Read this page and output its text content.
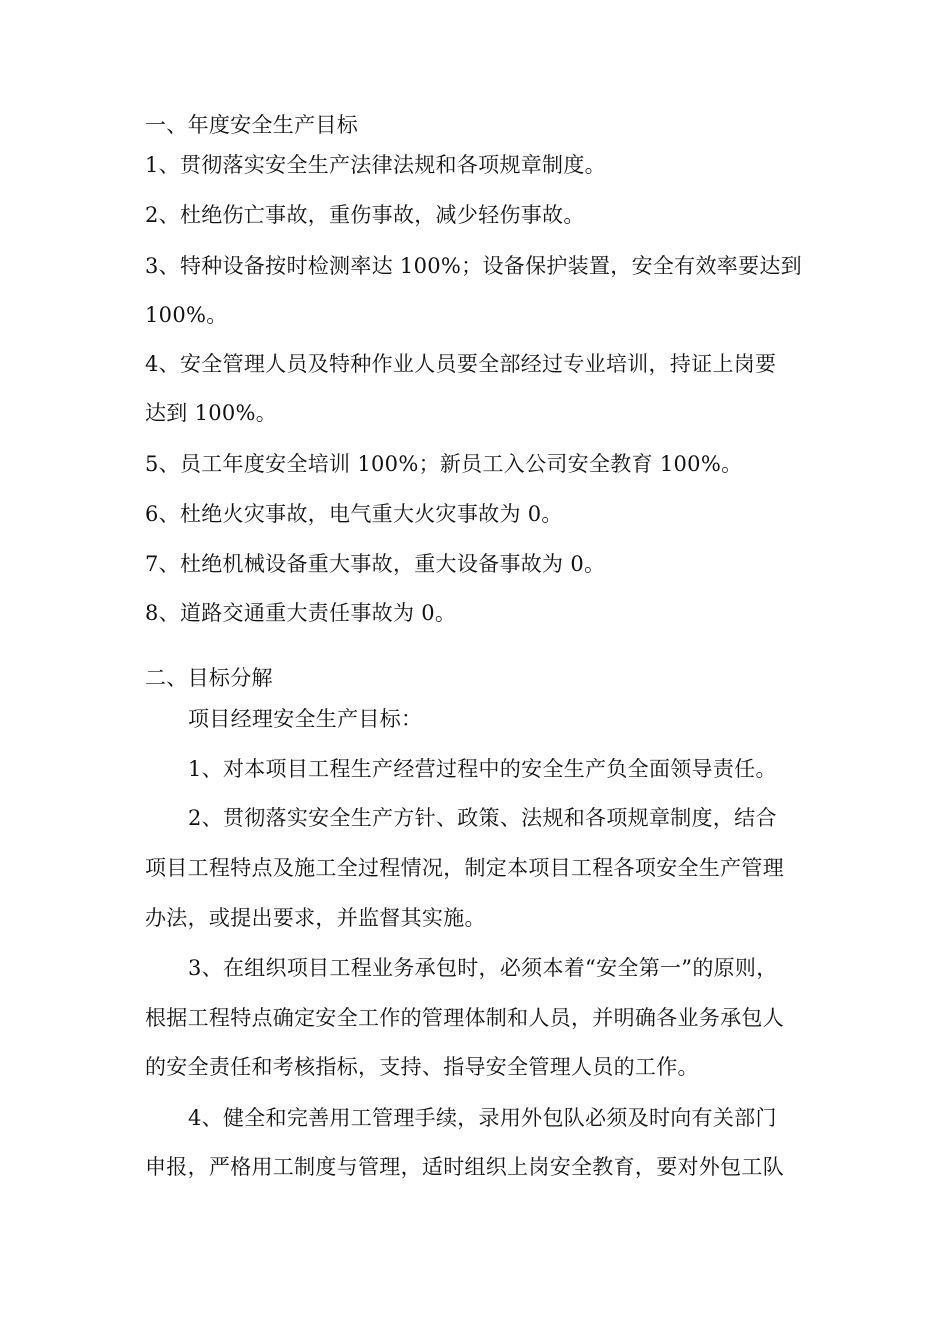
一、年度安全生产目标
1、贯彻落实安全生产法律法规和各项规章制度。
2、杜绝伤亡事故，重伤事故，减少轻伤事故。
3、特种设备按时检测率达 100%；设备保护装置，安全有效率要达到
100%。
4、安全管理人员及特种作业人员要全部经过专业培训，持证上岗要
达到 100%。
5、员工年度安全培训 100%；新员工入公司安全教育 100%。
6、杜绝火灾事故，电气重大火灾事故为 0。
7、杜绝机械设备重大事故，重大设备事故为 0。
8、道路交通重大责任事故为 0。
二、目标分解
项目经理安全生产目标：
1、对本项目工程生产经营过程中的安全生产负全面领导责任。
2、贯彻落实安全生产方针、政策、法规和各项规章制度，结合
项目工程特点及施工全过程情况，制定本项目工程各项安全生产管理
办法，或提出要求，并监督其实施。
3、在组织项目工程业务承包时，必须本着“安全第一”的原则，
根据工程特点确定安全工作的管理体制和人员，并明确各业务承包人
的安全责任和考核指标，支持、指导安全管理人员的工作。
4、健全和完善用工管理手续，录用外包队必须及时向有关部门
申报，严格用工制度与管理，适时组织上岗安全教育，要对外包工队
